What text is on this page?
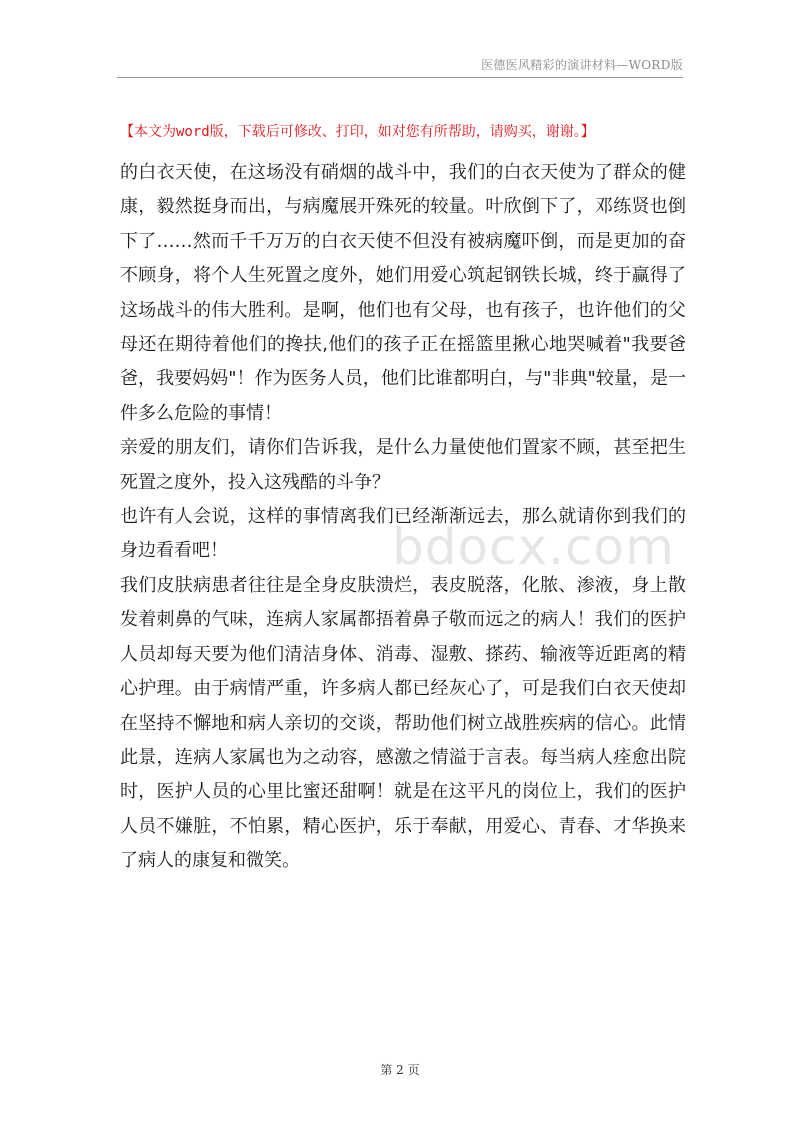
医德医风精彩的演讲材料—WORD版
【本文为word版，下载后可修改、打印，如对您有所帮助，请购买，谢谢。】

的白衣天使，在这场没有硝烟的战斗中，我们的白衣天使为了群众的健康，毅然挺身而出，与病魔展开殊死的较量。叶欣倒下了，邓练贤也倒下了……然而千千万万的白衣天使不但没有被病魔吓倒，而是更加的奋不顾身，将个人生死置之度外，她们用爱心筑起钢铁长城，终于赢得了这场战斗的伟大胜利。是啊，他们也有父母，也有孩子，也许他们的父母还在期待着他们的搀扶,他们的孩子正在摇篮里揪心地哭喊着"我要爸爸，我要妈妈"！作为医务人员，他们比谁都明白，与"非典"较量，是一件多么危险的事情！

亲爱的朋友们，请你们告诉我，是什么力量使他们置家不顾，甚至把生死置之度外，投入这残酷的斗争？

也许有人会说，这样的事情离我们已经渐渐远去，那么就请你到我们的身边看看吧！

我们皮肤病患者往往是全身皮肤溃烂，表皮脱落，化脓、渗液，身上散发着刺鼻的气味，连病人家属都捂着鼻子敬而远之的病人！我们的医护人员却每天要为他们清洁身体、消毒、湿敷、搽药、输液等近距离的精心护理。由于病情严重，许多病人都已经灰心了，可是我们白衣天使却在坚持不懈地和病人亲切的交谈，帮助他们树立战胜疾病的信心。此情此景，连病人家属也为之动容，感激之情溢于言表。每当病人痊愈出院时，医护人员的心里比蜜还甜啊！就是在这平凡的岗位上，我们的医护人员不嫌脏，不怕累，精心医护，乐于奉献，用爱心、青春、才华换来了病人的康复和微笑。

bdocx.com
第 2 页
